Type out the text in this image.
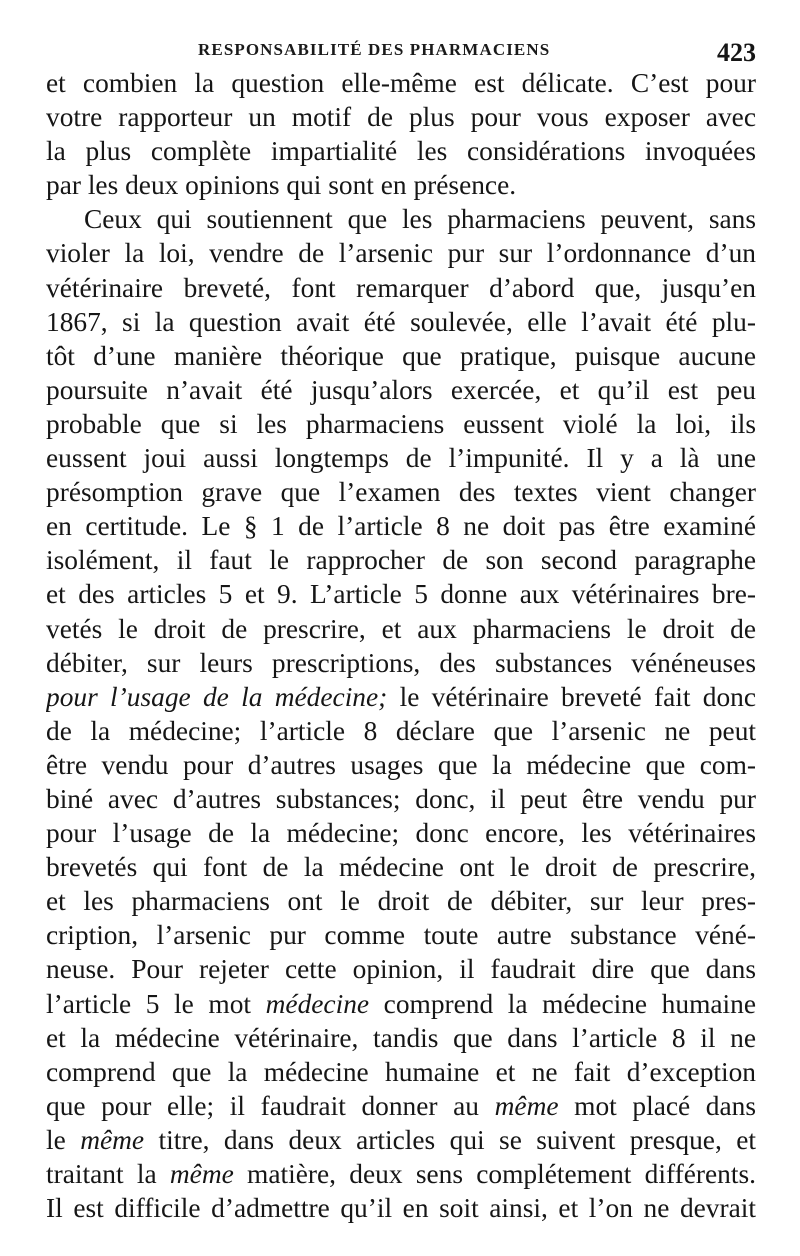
RESPONSABILITÉ DES PHARMACIENS	423
et combien la question elle-même est délicate. C’est pour
votre rapporteur un motif de plus pour vous exposer avec
la plus complète impartialité les considérations invoquées
par les deux opinions qui sont en présence.
Ceux qui soutiennent que les pharmaciens peuvent, sans
violer la loi, vendre de l’arsenic pur sur l’ordonnance d’un
vétérinaire breveté, font remarquer d’abord que, jusqu’en
1867, si la question avait été soulevée, elle l’avait été plu-
tôt d’une manière théorique que pratique, puisque aucune
poursuite n’avait été jusqu’alors exercée, et qu’il est peu
probable que si les pharmaciens eussent violé la loi, ils
eussent joui aussi longtemps de l’impunité. Il y a là une
présomption grave que l’examen des textes vient changer
en certitude. Le § 1 de l’article 8 ne doit pas être examiné
isolément, il faut le rapprocher de son second paragraphe
et des articles 5 et 9. L’article 5 donne aux vétérinaires bre-
vetés le droit de prescrire, et aux pharmaciens le droit de
débiter, sur leurs prescriptions, des substances vénéneuses
pour l’usage de la médecine; le vétérinaire breveté fait donc
de la médecine; l’article 8 déclare que l’arsenic ne peut
être vendu pour d’autres usages que la médecine que com-
biné avec d’autres substances; donc, il peut être vendu pur
pour l’usage de la médecine; donc encore, les vétérinaires
brevetés qui font de la médecine ont le droit de prescrire,
et les pharmaciens ont le droit de débiter, sur leur pres-
cription, l’arsenic pur comme toute autre substance véné-
neuse. Pour rejeter cette opinion, il faudrait dire que dans
l’article 5 le mot médecine comprend la médecine humaine
et la médecine vétérinaire, tandis que dans l’article 8 il ne
comprend que la médecine humaine et ne fait d’exception
que pour elle; il faudrait donner au même mot placé dans
le même titre, dans deux articles qui se suivent presque, et
traitant la même matière, deux sens complétement différents.
Il est difficile d’admettre qu’il en soit ainsi, et l’on ne devrait
